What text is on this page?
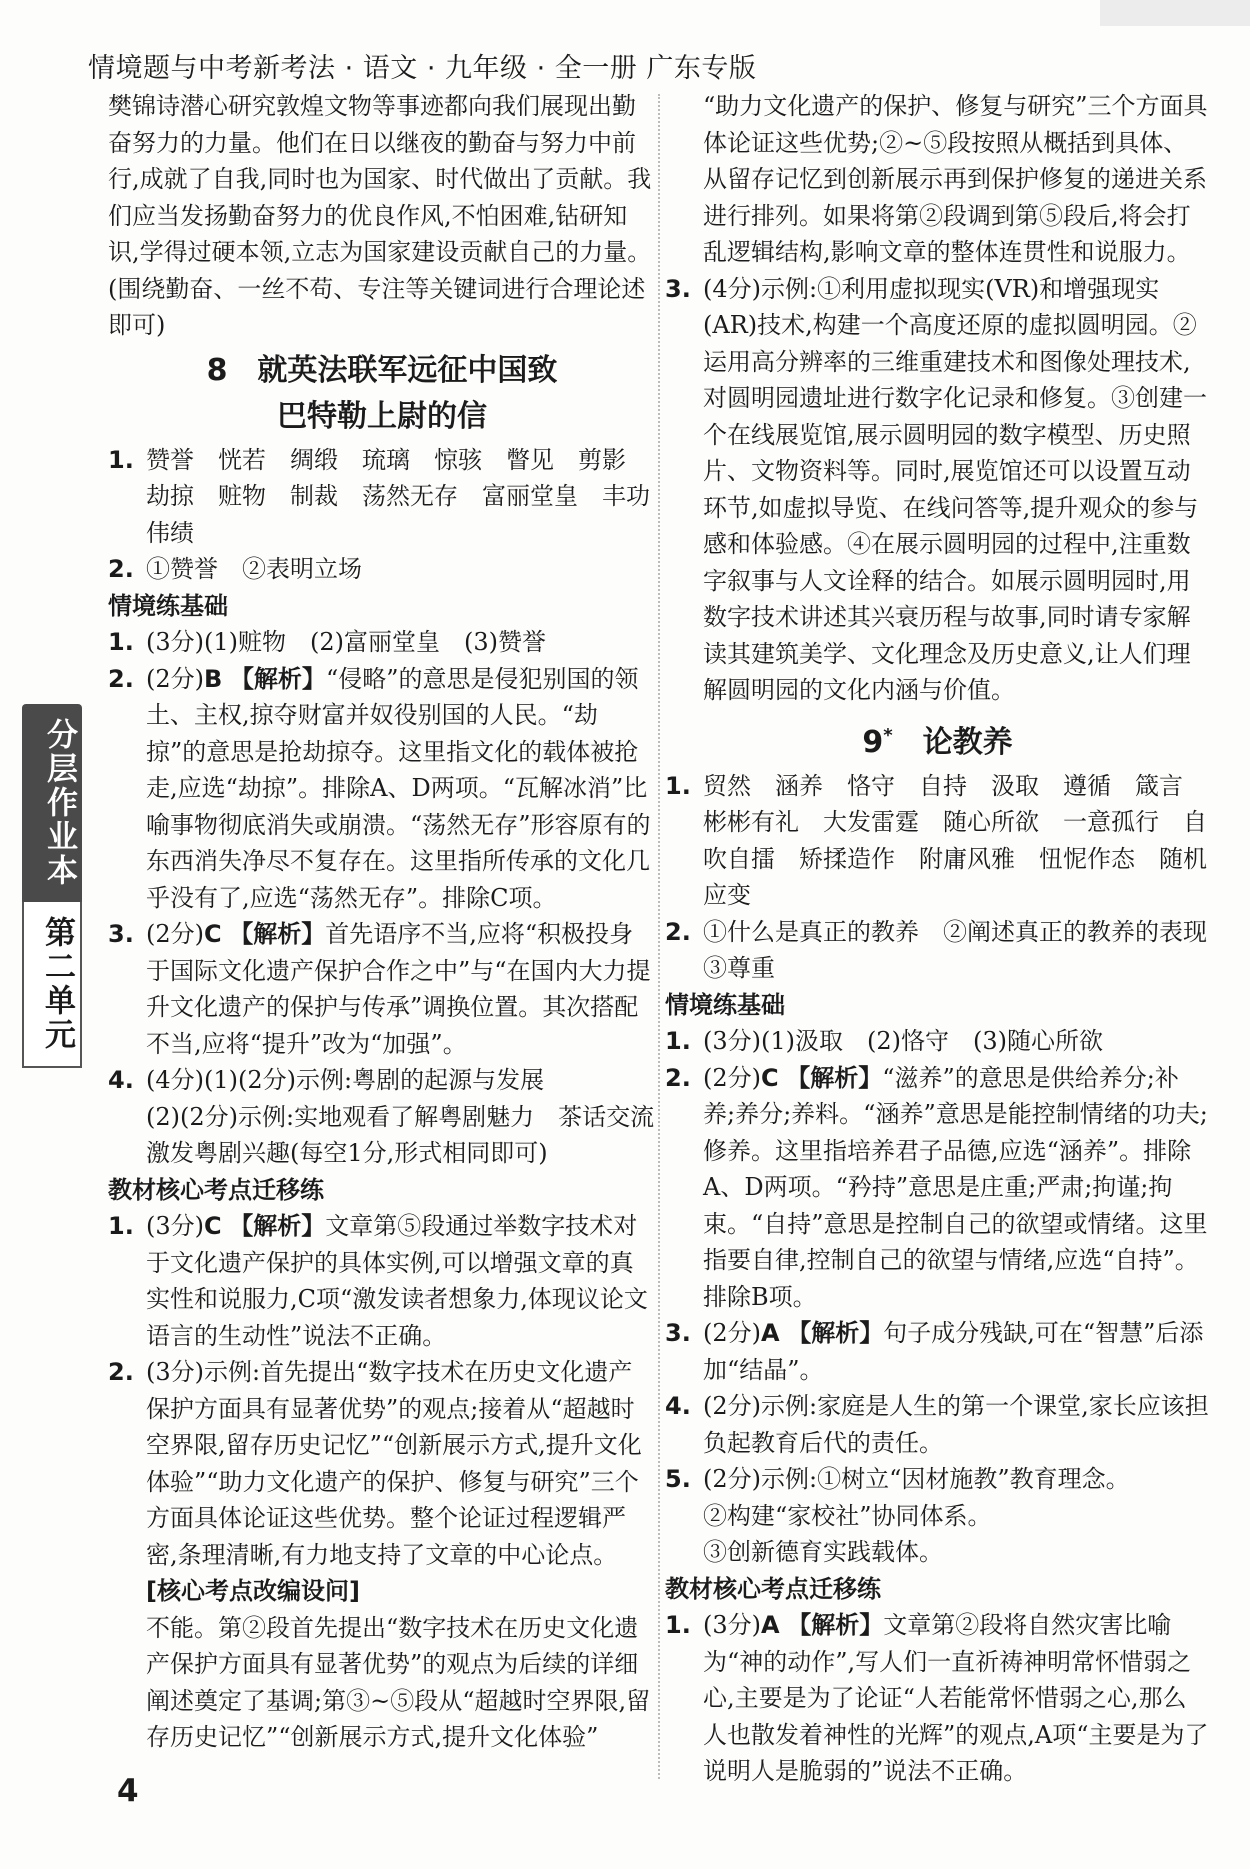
情境题与中考新考法 · 语文 · 九年级 · 全一册 广东专版

樊锦诗潜心研究敦煌文物等事迹都向我们展现出勤奋努力的力量。他们在日以继夜的勤奋与努力中前行,成就了自我,同时也为国家、时代做出了贡献。我们应当发扬勤奋努力的优良作风,不怕困难,钻研知识,学得过硬本领,立志为国家建设贡献自己的力量。(围绕勤奋、一丝不苟、专注等关键词进行合理论述即可)

8　就英法联军远征中国致
巴特勒上尉的信

1. 赞誉　恍若　绸缎　琉璃　惊骇　瞥见　剪影　劫掠　赃物　制裁　荡然无存　富丽堂皇　丰功伟绩

2. ①赞誉　②表明立场

情境练基础

1. (3分)(1)赃物　(2)富丽堂皇　(3)赞誉

2. (2分)B 【解析】“侵略”的意思是侵犯别国的领土、主权,掠夺财富并奴役别国的人民。“劫掠”的意思是抢劫掠夺。这里指文化的载体被抢走,应选“劫掠”。排除A、D两项。“瓦解冰消”比喻事物彻底消失或崩溃。“荡然无存”形容原有的东西消失净尽不复存在。这里指所传承的文化几乎没有了,应选“荡然无存”。排除C项。

3. (2分)C 【解析】首先语序不当,应将“积极投身于国际文化遗产保护合作之中”与“在国内大力提升文化遗产的保护与传承”调换位置。其次搭配不当,应将“提升”改为“加强”。

4. (4分)(1)(2分)示例:粤剧的起源与发展

(2)(2分)示例:实地观看了解粤剧魅力　茶话交流激发粤剧兴趣(每空1分,形式相同即可)

教材核心考点迁移练

1. (3分)C 【解析】文章第⑤段通过举数字技术对于文化遗产保护的具体实例,可以增强文章的真实性和说服力,C项“激发读者想象力,体现议论文语言的生动性”说法不正确。

2. (3分)示例:首先提出“数字技术在历史文化遗产保护方面具有显著优势”的观点;接着从“超越时空界限,留存历史记忆”“创新展示方式,提升文化体验”“助力文化遗产的保护、修复与研究”三个方面具体论证这些优势。整个论证过程逻辑严密,条理清晰,有力地支持了文章的中心论点。

[核心考点改编设问]

不能。第②段首先提出“数字技术在历史文化遗产保护方面具有显著优势”的观点为后续的详细阐述奠定了基调;第③~⑤段从“超越时空界限,留存历史记忆”“创新展示方式,提升文化体验”

“助力文化遗产的保护、修复与研究”三个方面具体论证这些优势;②~⑤段按照从概括到具体、从留存记忆到创新展示再到保护修复的递进关系进行排列。如果将第②段调到第⑤段后,将会打乱逻辑结构,影响文章的整体连贯性和说服力。

3. (4分)示例:①利用虚拟现实(VR)和增强现实(AR)技术,构建一个高度还原的虚拟圆明园。②运用高分辨率的三维重建技术和图像处理技术,对圆明园遗址进行数字化记录和修复。③创建一个在线展览馆,展示圆明园的数字模型、历史照片、文物资料等。同时,展览馆还可以设置互动环节,如虚拟导览、在线问答等,提升观众的参与感和体验感。④在展示圆明园的过程中,注重数字叙事与人文诠释的结合。如展示圆明园时,用数字技术讲述其兴衰历程与故事,同时请专家解读其建筑美学、文化理念及历史意义,让人们理解圆明园的文化内涵与价值。

9*　论教养

1. 贸然　涵养　恪守　自持　汲取　遵循　箴言　彬彬有礼　大发雷霆　随心所欲　一意孤行　自吹自擂　矫揉造作　附庸风雅　忸怩作态　随机应变

2. ①什么是真正的教养　②阐述真正的教养的表现　③尊重

情境练基础

1. (3分)(1)汲取　(2)恪守　(3)随心所欲

2. (2分)C 【解析】“滋养”的意思是供给养分;补养;养分;养料。“涵养”意思是能控制情绪的功夫;修养。这里指培养君子品德,应选“涵养”。排除A、D两项。“矜持”意思是庄重;严肃;拘谨;拘束。“自持”意思是控制自己的欲望或情绪。这里指要自律,控制自己的欲望与情绪,应选“自持”。排除B项。

3. (2分)A 【解析】句子成分残缺,可在“智慧”后添加“结晶”。

4. (2分)示例:家庭是人生的第一个课堂,家长应该担负起教育后代的责任。

5. (2分)示例:①树立“因材施教”教育理念。

②构建“家校社”协同体系。

③创新德育实践载体。

教材核心考点迁移练

1. (3分)A 【解析】文章第②段将自然灾害比喻为“神的动作”,写人们一直祈祷神明常怀惜弱之心,主要是为了论证“人若能常怀惜弱之心,那么人也散发着神性的光辉”的观点,A项“主要是为了说明人是脆弱的”说法不正确。

分层作业本
第二单元
4
